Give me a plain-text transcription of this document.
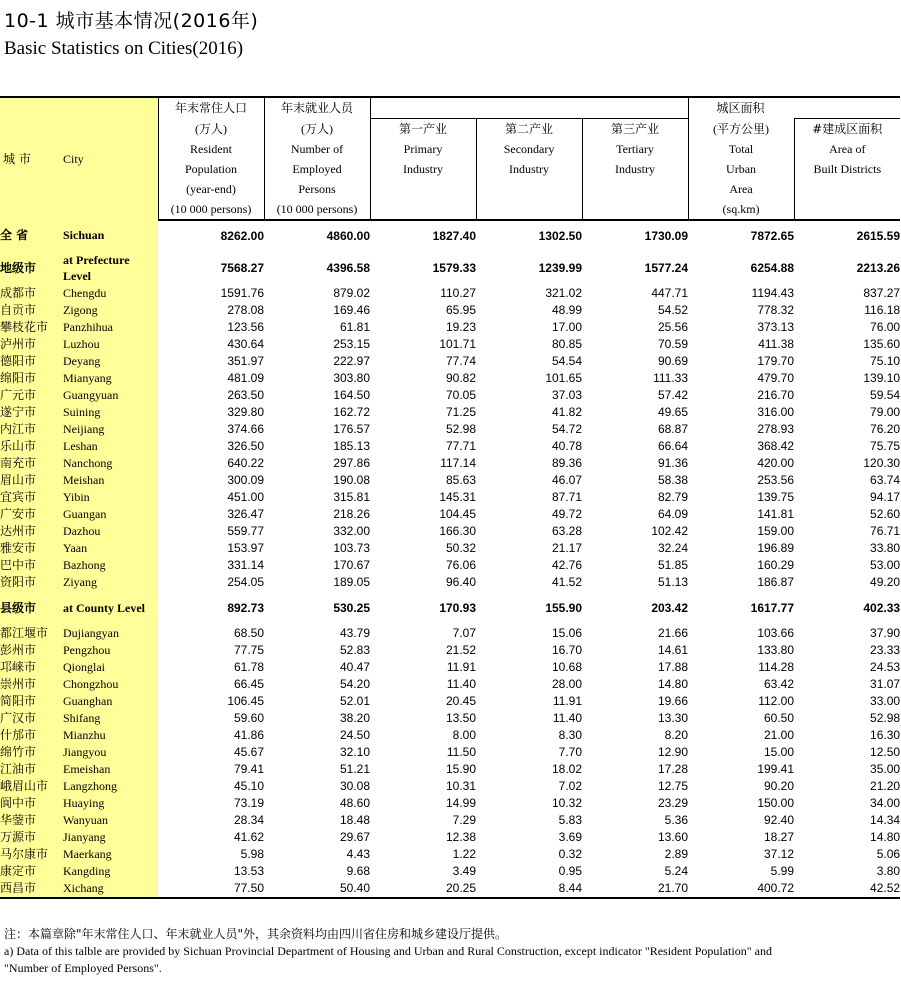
10-1 城市基本情况(2016年)
Basic Statistics on Cities(2016)
城 市 City		年末常住人口	年末就业人员				城区面积	
		(万人)	(万人)	第一产业	第二产业	第三产业	(平方公里)	#建成区面积
		Resident	Number of	Primary	Secondary	Tertiary	Total	Area of
		Population	Employed	Industry	Industry	Industry	Urban	Built Districts
		(year-end)	Persons				Area	
		(10 000 persons)	(10 000 persons)				(sq.km)	
全 省	Sichuan	8262.00	4860.00	1827.40	1302.50	1730.09	7872.65	2615.59
地级市	at Prefecture Level	7568.27	4396.58	1579.33	1239.99	1577.24	6254.88	2213.26
成都市	Chengdu	1591.76	879.02	110.27	321.02	447.71	1194.43	837.27
自贡市	Zigong	278.08	169.46	65.95	48.99	54.52	778.32	116.18
攀枝花市	Panzhihua	123.56	61.81	19.23	17.00	25.56	373.13	76.00
泸州市	Luzhou	430.64	253.15	101.71	80.85	70.59	411.38	135.60
德阳市	Deyang	351.97	222.97	77.74	54.54	90.69	179.70	75.10
绵阳市	Mianyang	481.09	303.80	90.82	101.65	111.33	479.70	139.10
广元市	Guangyuan	263.50	164.50	70.05	37.03	57.42	216.70	59.54
遂宁市	Suining	329.80	162.72	71.25	41.82	49.65	316.00	79.00
内江市	Neijiang	374.66	176.57	52.98	54.72	68.87	278.93	76.20
乐山市	Leshan	326.50	185.13	77.71	40.78	66.64	368.42	75.75
南充市	Nanchong	640.22	297.86	117.14	89.36	91.36	420.00	120.30
眉山市	Meishan	300.09	190.08	85.63	46.07	58.38	253.56	63.74
宜宾市	Yibin	451.00	315.81	145.31	87.71	82.79	139.75	94.17
广安市	Guangan	326.47	218.26	104.45	49.72	64.09	141.81	52.60
达州市	Dazhou	559.77	332.00	166.30	63.28	102.42	159.00	76.71
雅安市	Yaan	153.97	103.73	50.32	21.17	32.24	196.89	33.80
巴中市	Bazhong	331.14	170.67	76.06	42.76	51.85	160.29	53.00
资阳市	Ziyang	254.05	189.05	96.40	41.52	51.13	186.87	49.20
县级市	at County Level	892.73	530.25	170.93	155.90	203.42	1617.77	402.33
都江堰市	Dujiangyan	68.50	43.79	7.07	15.06	21.66	103.66	37.90
彭州市	Pengzhou	77.75	52.83	21.52	16.70	14.61	133.80	23.33
邛崃市	Qionglai	61.78	40.47	11.91	10.68	17.88	114.28	24.53
崇州市	Chongzhou	66.45	54.20	11.40	28.00	14.80	63.42	31.07
简阳市	Guanghan	106.45	52.01	20.45	11.91	19.66	112.00	33.00
广汉市	Shifang	59.60	38.20	13.50	11.40	13.30	60.50	52.98
什邡市	Mianzhu	41.86	24.50	8.00	8.30	8.20	21.00	16.30
绵竹市	Jiangyou	45.67	32.10	11.50	7.70	12.90	15.00	12.50
江油市	Emeishan	79.41	51.21	15.90	18.02	17.28	199.41	35.00
峨眉山市	Langzhong	45.10	30.08	10.31	7.02	12.75	90.20	21.20
阆中市	Huaying	73.19	48.60	14.99	10.32	23.29	150.00	34.00
华蓥市	Wanyuan	28.34	18.48	7.29	5.83	5.36	92.40	14.34
万源市	Jianyang	41.62	29.67	12.38	3.69	13.60	18.27	14.80
马尔康市	Maerkang	5.98	4.43	1.22	0.32	2.89	37.12	5.06
康定市	Kangding	13.53	9.68	3.49	0.95	5.24	5.99	3.80
西昌市	Xichang	77.50	50.40	20.25	8.44	21.70	400.72	42.52
注：本篇章除"年末常住人口、年末就业人员"外，其余资料均由四川省住房和城乡建设厅提供。
a) Data of this talble are provided by Sichuan Provincial Department of Housing and Urban and Rural Construction, except indicator "Resident Population" and
"Number of Employed Persons".
